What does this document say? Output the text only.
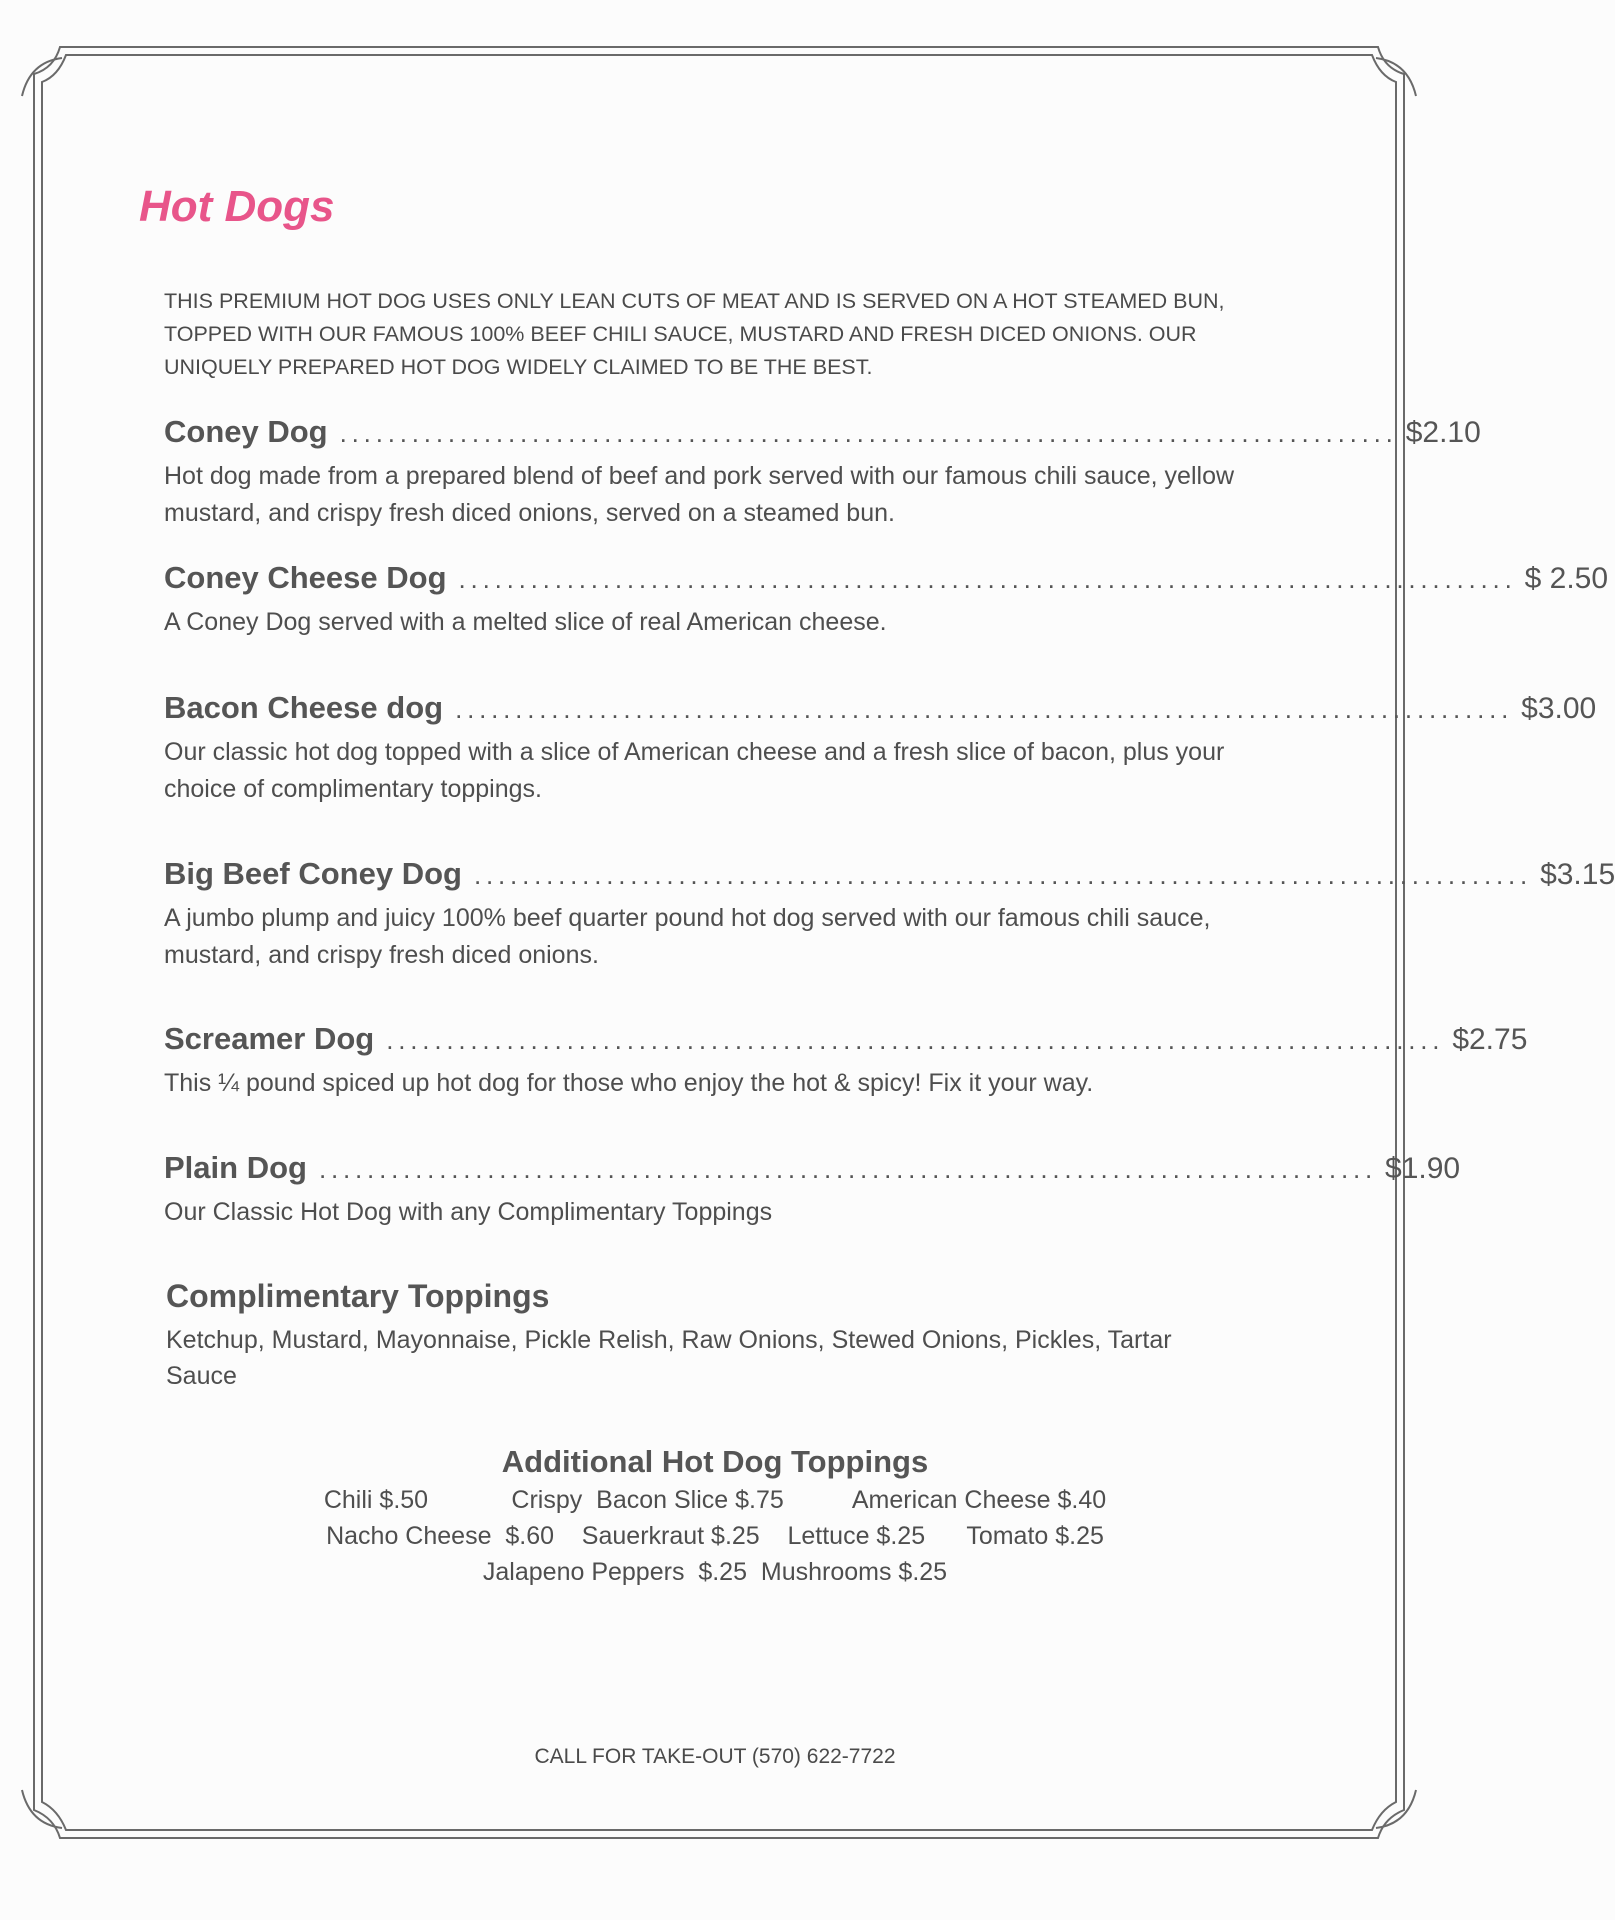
Hot Dogs

THIS PREMIUM HOT DOG USES ONLY LEAN CUTS OF MEAT AND IS SERVED ON A HOT STEAMED BUN, TOPPED WITH OUR FAMOUS 100% BEEF CHILI SAUCE, MUSTARD AND FRESH DICED ONIONS. OUR UNIQUELY PREPARED HOT DOG WIDELY CLAIMED TO BE THE BEST.

Coney Dog ........................................................................................ $2.10

Hot dog made from a prepared blend of beef and pork served with our famous chili sauce, yellow mustard, and crispy fresh diced onions, served on a steamed bun.

Coney Cheese Dog ........................................................................................ $ 2.50

A Coney Dog served with a melted slice of real American cheese.

Bacon Cheese dog ........................................................................................ $3.00

Our classic hot dog topped with a slice of American cheese and a fresh slice of bacon, plus your choice of complimentary toppings.

Big Beef Coney Dog ........................................................................................ $3.15

A jumbo plump and juicy 100% beef quarter pound hot dog served with our famous chili sauce, mustard, and crispy fresh diced onions.

Screamer Dog ........................................................................................ $2.75

This ¼ pound spiced up hot dog for those who enjoy the hot & spicy! Fix it your way.

Plain Dog ........................................................................................ $1.90

Our Classic Hot Dog with any Complimentary Toppings

Complimentary Toppings

Ketchup, Mustard, Mayonnaise, Pickle Relish, Raw Onions, Stewed Onions, Pickles, Tartar Sauce

Additional Hot Dog Toppings
Chili $.50            Crispy  Bacon Slice $.75          American Cheese $.40
Nacho Cheese  $.60    Sauerkraut $.25    Lettuce $.25      Tomato $.25
Jalapeno Peppers  $.25  Mushrooms $.25
CALL FOR TAKE-OUT (570) 622-7722
